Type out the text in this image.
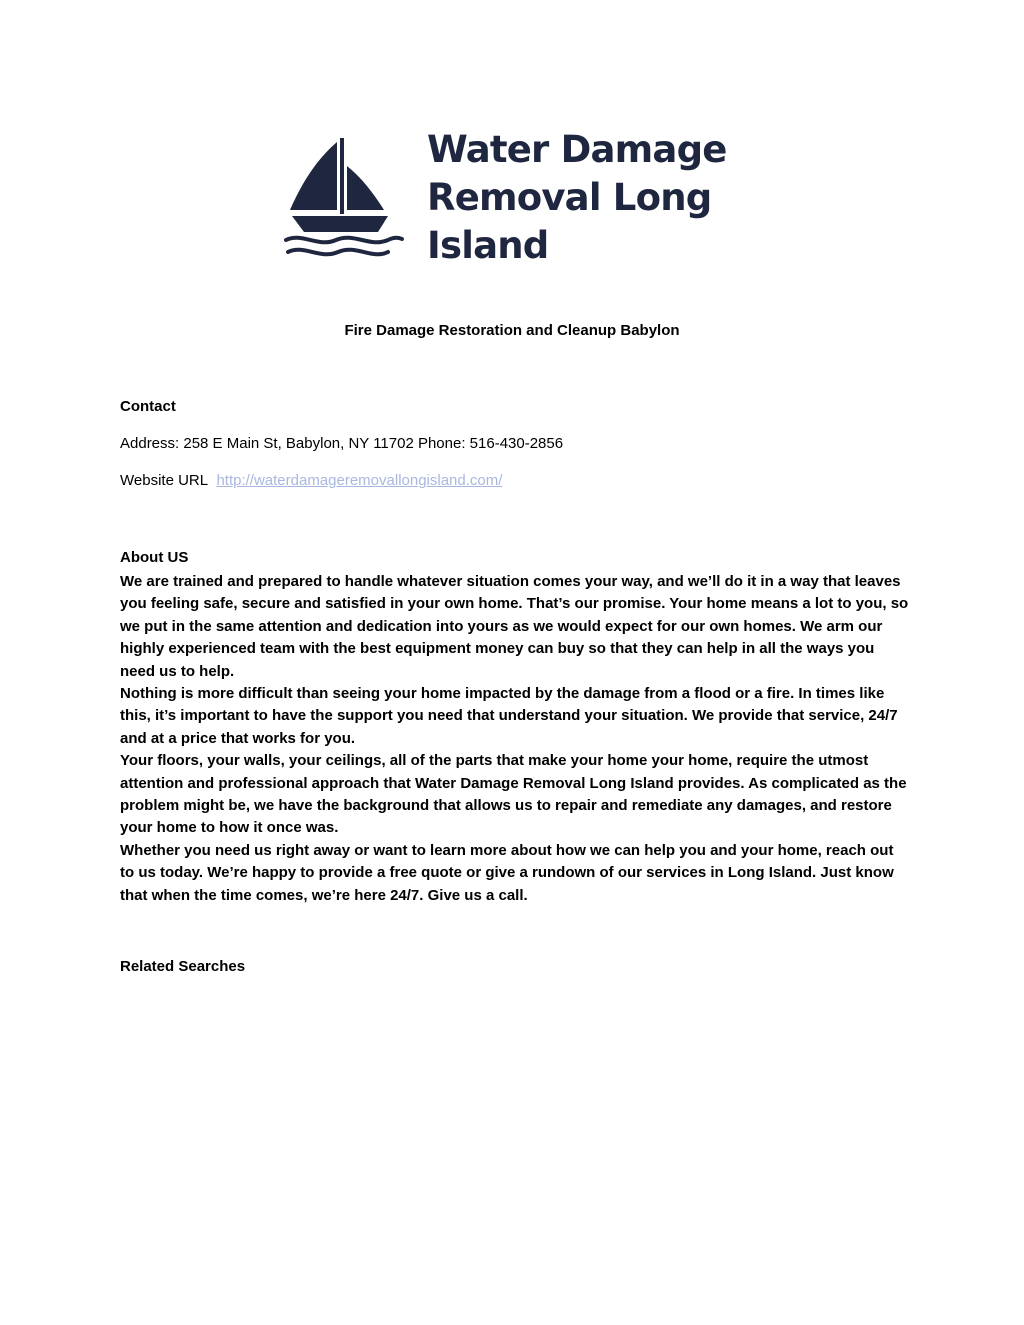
Water Damage
Removal Long
Island
Fire Damage Restoration and Cleanup Babylon
Contact
Address: 258 E Main St, Babylon, NY 11702 Phone: 516-430-2856
Website URL http://waterdamageremovallongisland.com/
About US

We are trained and prepared to handle whatever situation comes your way, and we’ll do it in a way that leaves you feeling safe, secure and satisfied in your own home. That’s our promise. Your home means a lot to you, so we put in the same attention and dedication into yours as we would expect for our own homes. We arm our highly experienced team with the best equipment money can buy so that they can help in all the ways you need us to help.

Nothing is more difficult than seeing your home impacted by the damage from a flood or a fire. In times like this, it’s important to have the support you need that understand your situation. We provide that service, 24/7 and at a price that works for you.

Your floors, your walls, your ceilings, all of the parts that make your home your home, require the utmost attention and professional approach that Water Damage Removal Long Island provides. As complicated as the problem might be, we have the background that allows us to repair and remediate any damages, and restore your home to how it once was.

Whether you need us right away or want to learn more about how we can help you and your home, reach out to us today. We’re happy to provide a free quote or give a rundown of our services in Long Island. Just know that when the time comes, we’re here 24/7. Give us a call.

Related Searches
